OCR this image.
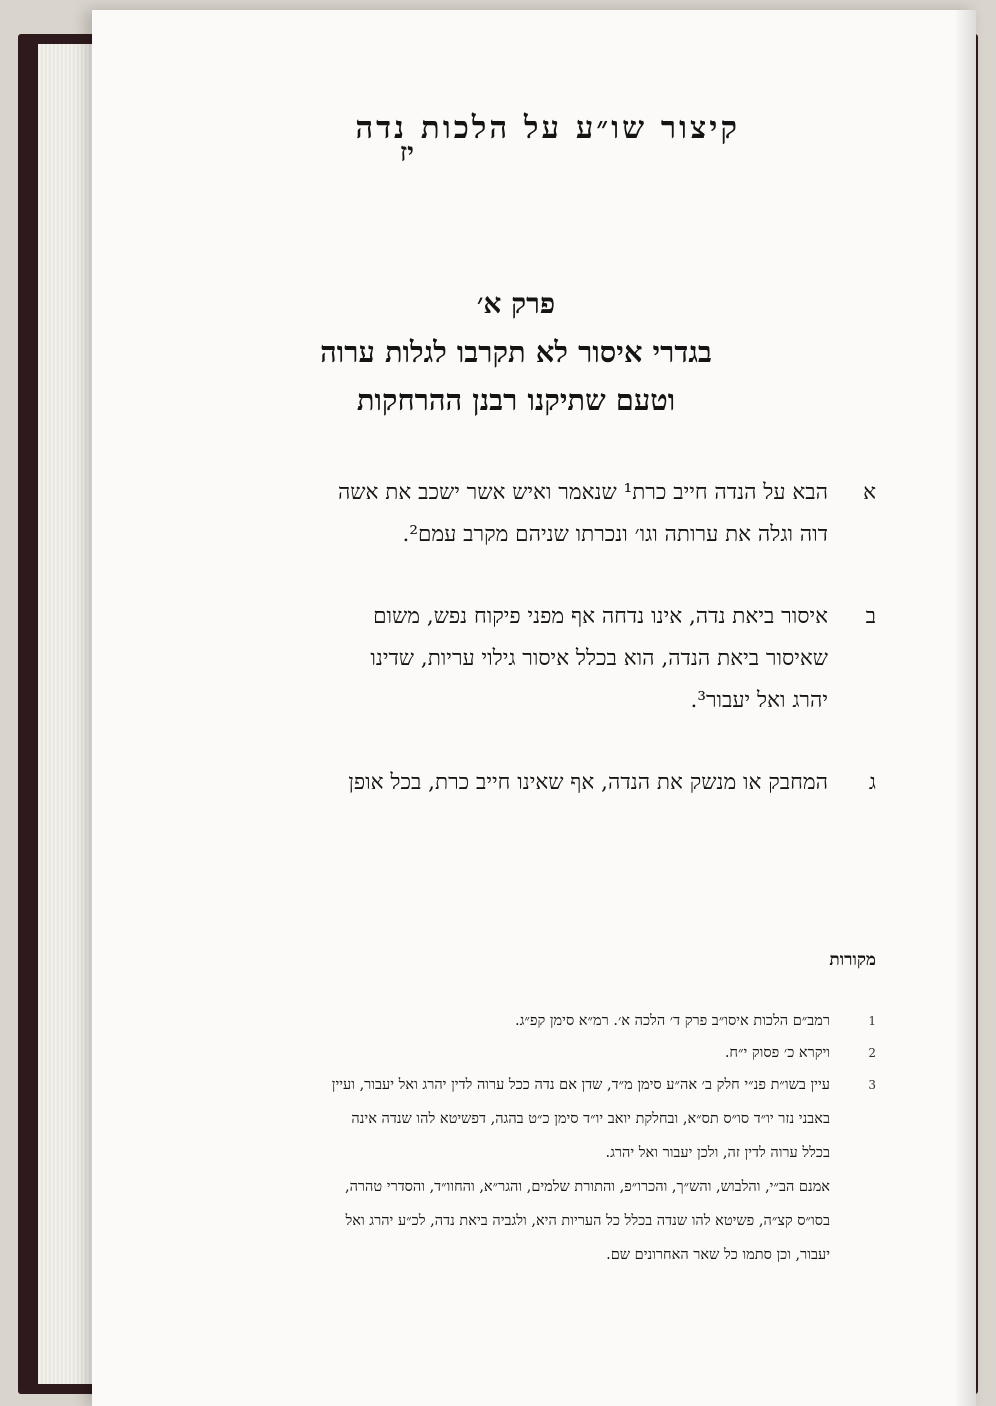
קיצור שו״ע על הלכות נדה
יז
פרק א׳
בגדרי איסור לא תקרבו לגלות ערוה
וטעם שתיקנו רבנן ההרחקות
א
הבא על הנדה חייב כרת¹ שנאמר ואיש אשר ישכב את אשה
דוה וגלה את ערותה וגו׳ ונכרתו שניהם מקרב עמם².
ב
איסור ביאת נדה, אינו נדחה אף מפני פיקוח נפש, משום
שאיסור ביאת הנדה, הוא בכלל איסור גילוי עריות, שדינו
יהרג ואל יעבור³.
ג
המחבק או מנשק את הנדה, אף שאינו חייב כרת, בכל אופן
מקורות
1
רמב״ם הלכות איסו״ב פרק ד׳ הלכה א׳. רמ״א סימן קפ״ג.
2
ויקרא כ׳ פסוק י״ח.
3
עיין בשו״ת פנ״י חלק ב׳ אה״ע סימן מ״ד, שדן אם נדה ככל ערוה לדין יהרג ואל יעבור, ועיין
באבני נזר יו״ד סו״ס תס״א, ובחלקת יואב יו״ד סימן כ״ט בהגה, דפשיטא להו שנדה אינה
בכלל ערוה לדין זה, ולכן יעבור ואל יהרג.
אמנם הב״י, והלבוש, והש״ך, והכרו״פ, והתורת שלמים, והגר״א, והחוו״ד, והסדרי טהרה,
בסו״ס קצ״ה, פשיטא להו שנדה בכלל כל העריות היא, ולגביה ביאת נדה, לכ״ע יהרג ואל
יעבור, וכן סתמו כל שאר האחרונים שם.
